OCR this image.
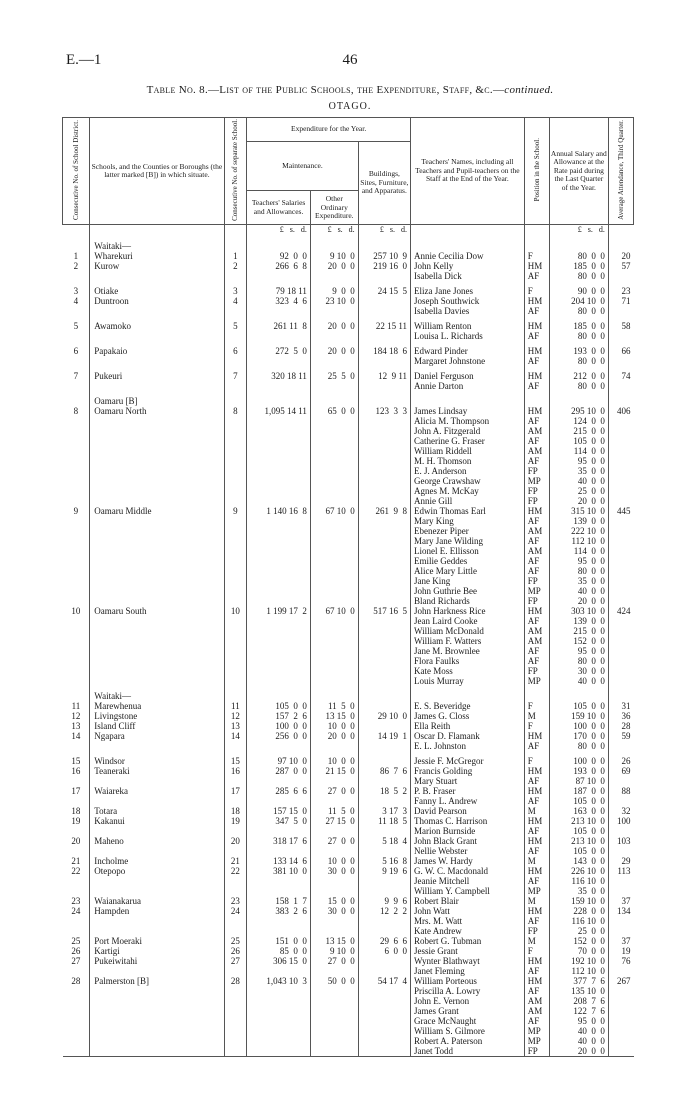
E.—1	46
Table No. 8.—List of the Public Schools, the Expenditure, Staff, &c.—continued.
OTAGO.
Consecutive No. of School District.	Schools, and the Counties or Boroughs (the latter marked [B]) in which situate.	Consecutive No. of separate School.	Expenditure for the Year.			Teachers' Names, including all Teachers and Pupil-teachers on the Staff at the End of the Year.	Position in the School.	Annual Salary and Allowance at the Rate paid during the Last Quarter of the Year.	Average Attendance, Third Quarter.
			Maintenance.		Buildings, Sites, Furniture, and Apparatus.				
			Teachers' Salaries and Allowances.	Other Ordinary Expenditure.					
			£   s.   d.	£   s.   d.	£   s.   d.			£   s.   d.	
	Waitaki—								
1	Wharekuri	1	92  0  0	9 10  0	257 10  9	Annie Cecilia Dow	F	80  0  0	20
2	Kurow	2	266  6  8	20  0  0	219 16  0	John Kelly	HM	185  0  0	57
						Isabella Dick	AF	80  0  0	
3	Otiake	3	79 18 11	9  0  0	24 15  5	Eliza Jane Jones	F	90  0  0	23
4	Duntroon	4	323  4  6	23 10  0		Joseph Southwick	HM	204 10  0	71
						Isabella Davies	AF	80  0  0	
5	Awamoko	5	261 11  8	20  0  0	22 15 11	William Renton	HM	185  0  0	58
						Louisa L. Richards	AF	80  0  0	
6	Papakaio	6	272  5  0	20  0  0	184 18  6	Edward Pinder	HM	193  0  0	66
						Margaret Johnstone	AF	80  0  0	
7	Pukeuri	7	320 18 11	25  5  0	12  9 11	Daniel Ferguson	HM	212  0  0	74
						Annie Darton	AF	80  0  0	
	Oamaru [B]								
8	Oamaru North	8	1,095 14 11	65  0  0	123  3  3	James Lindsay	HM	295 10  0	406
						Alicia M. Thompson	AF	124  0  0	
						John A. Fitzgerald	AM	215  0  0	
						Catherine G. Fraser	AF	105  0  0	
						William Riddell	AM	114  0  0	
						M. H. Thomson	AF	95  0  0	
						E. J. Anderson	FP	35  0  0	
						George Crawshaw	MP	40  0  0	
						Agnes M. McKay	FP	25  0  0	
						Annie Gill	FP	20  0  0	
9	Oamaru Middle	9	1 140 16  8	67 10  0	261  9  8	Edwin Thomas Earl	HM	315 10  0	445
						Mary King	AF	139  0  0	
						Ebenezer Piper	AM	222 10  0	
						Mary Jane Wilding	AF	112 10  0	
						Lionel E. Ellisson	AM	114  0  0	
						Emilie Geddes	AF	95  0  0	
						Alice Mary Little	AF	80  0  0	
						Jane King	FP	35  0  0	
						John Guthrie Bee	MP	40  0  0	
						Bland Richards	FP	20  0  0	
10	Oamaru South	10	1 199 17  2	67 10  0	517 16  5	John Harkness Rice	HM	303 10  0	424
						Jean Laird Cooke	AF	139  0  0	
						William McDonald	AM	215  0  0	
						William F. Watters	AM	152  0  0	
						Jane M. Brownlee	AF	95  0  0	
						Flora Faulks	AF	80  0  0	
						Kate Moss	FP	30  0  0	
						Louis Murray	MP	40  0  0	
	Waitaki—								
11	Marewhenua	11	105  0  0	11  5  0		E. S. Beveridge	F	105  0  0	31
12	Livingstone	12	157  2  6	13 15  0	29 10  0	James G. Closs	M	159 10  0	36
13	Island Cliff	13	100  0  0	10  0  0		Ella Reith	F	100  0  0	28
14	Ngapara	14	256  0  0	20  0  0	14 19  1	Oscar D. Flamank	HM	170  0  0	59
						E. L. Johnston	AF	80  0  0	
15	Windsor	15	97 10  0	10  0  0		Jessie F. McGregor	F	100  0  0	26
16	Teaneraki	16	287  0  0	21 15  0	86  7  6	Francis Golding	HM	193  0  0	69
						Mary Stuart	AF	87 10  0	
17	Waiareka	17	285  6  6	27  0  0	18  5  2	P. B. Fraser	HM	187  0  0	88
						Fanny L. Andrew	AF	105  0  0	
18	Totara	18	157 15  0	11  5  0	3 17  3	David Pearson	M	163  0  0	32
19	Kakanui	19	347  5  0	27 15  0	11 18  5	Thomas C. Harrison	HM	213 10  0	100
						Marion Burnside	AF	105  0  0	
20	Maheno	20	318 17  6	27  0  0	5 18  4	John Black Grant	HM	213 10  0	103
						Nellie Webster	AF	105  0  0	
21	Incholme	21	133 14  6	10  0  0	5 16  8	James W. Hardy	M	143  0  0	29
22	Otepopo	22	381 10  0	30  0  0	9 19  6	G. W. C. Macdonald	HM	226 10  0	113
						Jeanie Mitchell	AF	116 10  0	
						William Y. Campbell	MP	35  0  0	
23	Waianakarua	23	158  1  7	15  0  0	9  9  6	Robert Blair	M	159 10  0	37
24	Hampden	24	383  2  6	30  0  0	12  2  2	John Watt	HM	228  0  0	134
						Mrs. M. Watt	AF	116 10  0	
						Kate Andrew	FP	25  0  0	
25	Port Moeraki	25	151  0  0	13 15  0	29  6  6	Robert G. Tubman	M	152  0  0	37
26	Kartigi	26	85  0  0	9 10  0	6  0  0	Jessie Grant	F	70  0  0	19
27	Pukeiwitahi	27	306 15  0	27  0  0		Wynter Blathwayt	HM	192 10  0	76
						Janet Fleming	AF	112 10  0	
28	Palmerston [B]	28	1,043 10  3	50  0  0	54 17  4	William Porteous	HM	377  7  6	267
						Priscilla A. Lowry	AF	135 10  0	
						John E. Vernon	AM	208  7  6	
						James Grant	AM	122  7  6	
						Grace McNaught	AF	95  0  0	
						William S. Gilmore	MP	40  0  0	
						Robert A. Paterson	MP	40  0  0	
						Janet Todd	FP	20  0  0	
